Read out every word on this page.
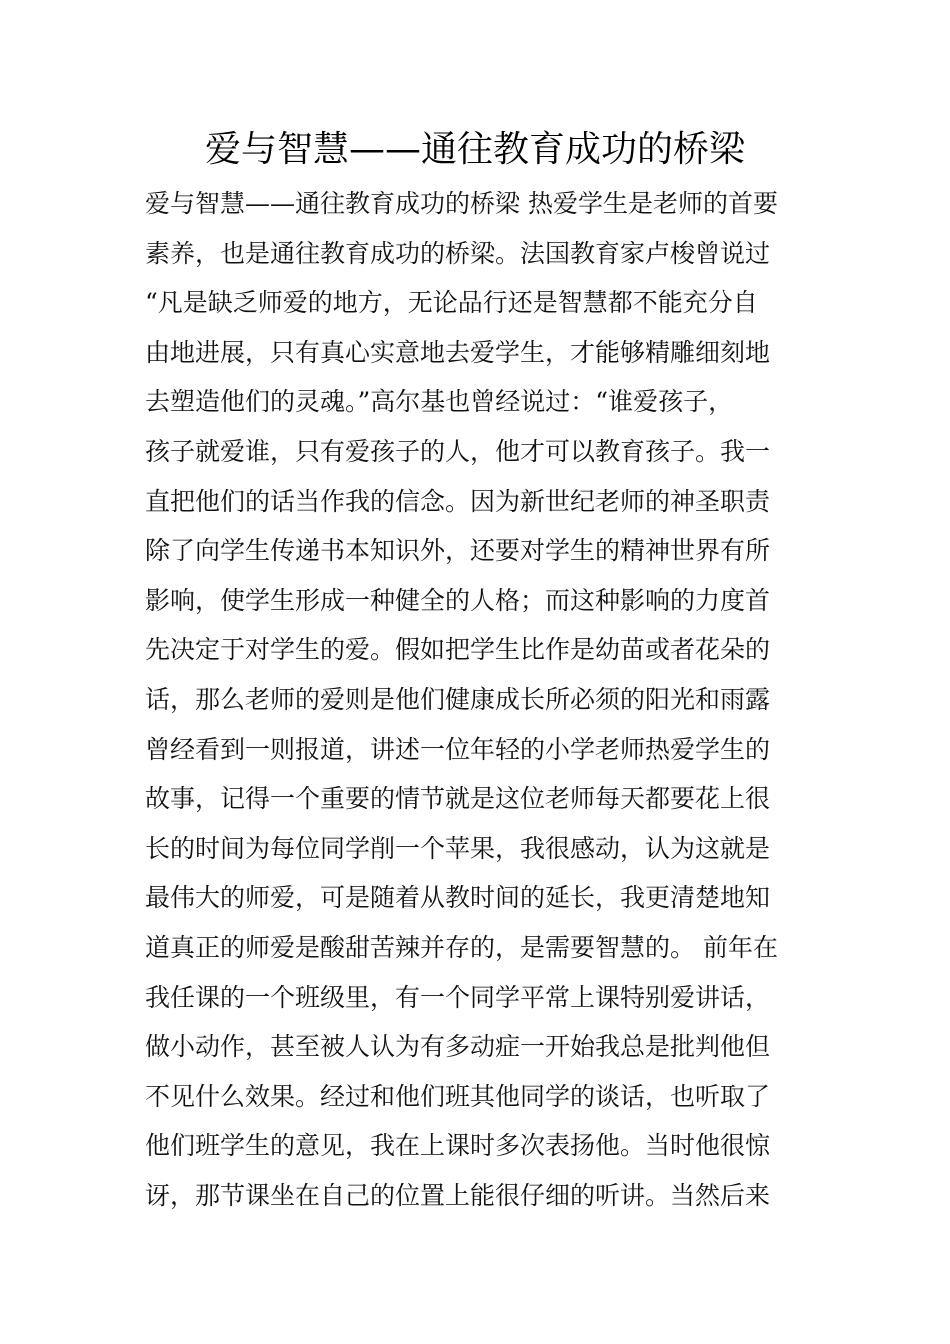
爱与智慧——通往教育成功的桥梁
爱与智慧——通往教育成功的桥梁 热爱学生是老师的首要
素养，也是通往教育成功的桥梁。法国教育家卢梭曾说过
“凡是缺乏师爱的地方，无论品行还是智慧都不能充分自
由地进展，只有真心实意地去爱学生，才能够精雕细刻地
去塑造他们的灵魂。”高尔基也曾经说过：“谁爱孩子，
孩子就爱谁，只有爱孩子的人，他才可以教育孩子。我一
直把他们的话当作我的信念。因为新世纪老师的神圣职责
除了向学生传递书本知识外，还要对学生的精神世界有所
影响，使学生形成一种健全的人格；而这种影响的力度首
先决定于对学生的爱。假如把学生比作是幼苗或者花朵的
话，那么老师的爱则是他们健康成长所必须的阳光和雨露
曾经看到一则报道，讲述一位年轻的小学老师热爱学生的
故事，记得一个重要的情节就是这位老师每天都要花上很
长的时间为每位同学削一个苹果，我很感动，认为这就是
最伟大的师爱，可是随着从教时间的延长，我更清楚地知
道真正的师爱是酸甜苦辣并存的，是需要智慧的。 前年在
我任课的一个班级里，有一个同学平常上课特别爱讲话，
做小动作，甚至被人认为有多动症一开始我总是批判他但
不见什么效果。经过和他们班其他同学的谈话，也听取了
他们班学生的意见，我在上课时多次表扬他。当时他很惊
讶，那节课坐在自己的位置上能很仔细的听讲。当然后来
